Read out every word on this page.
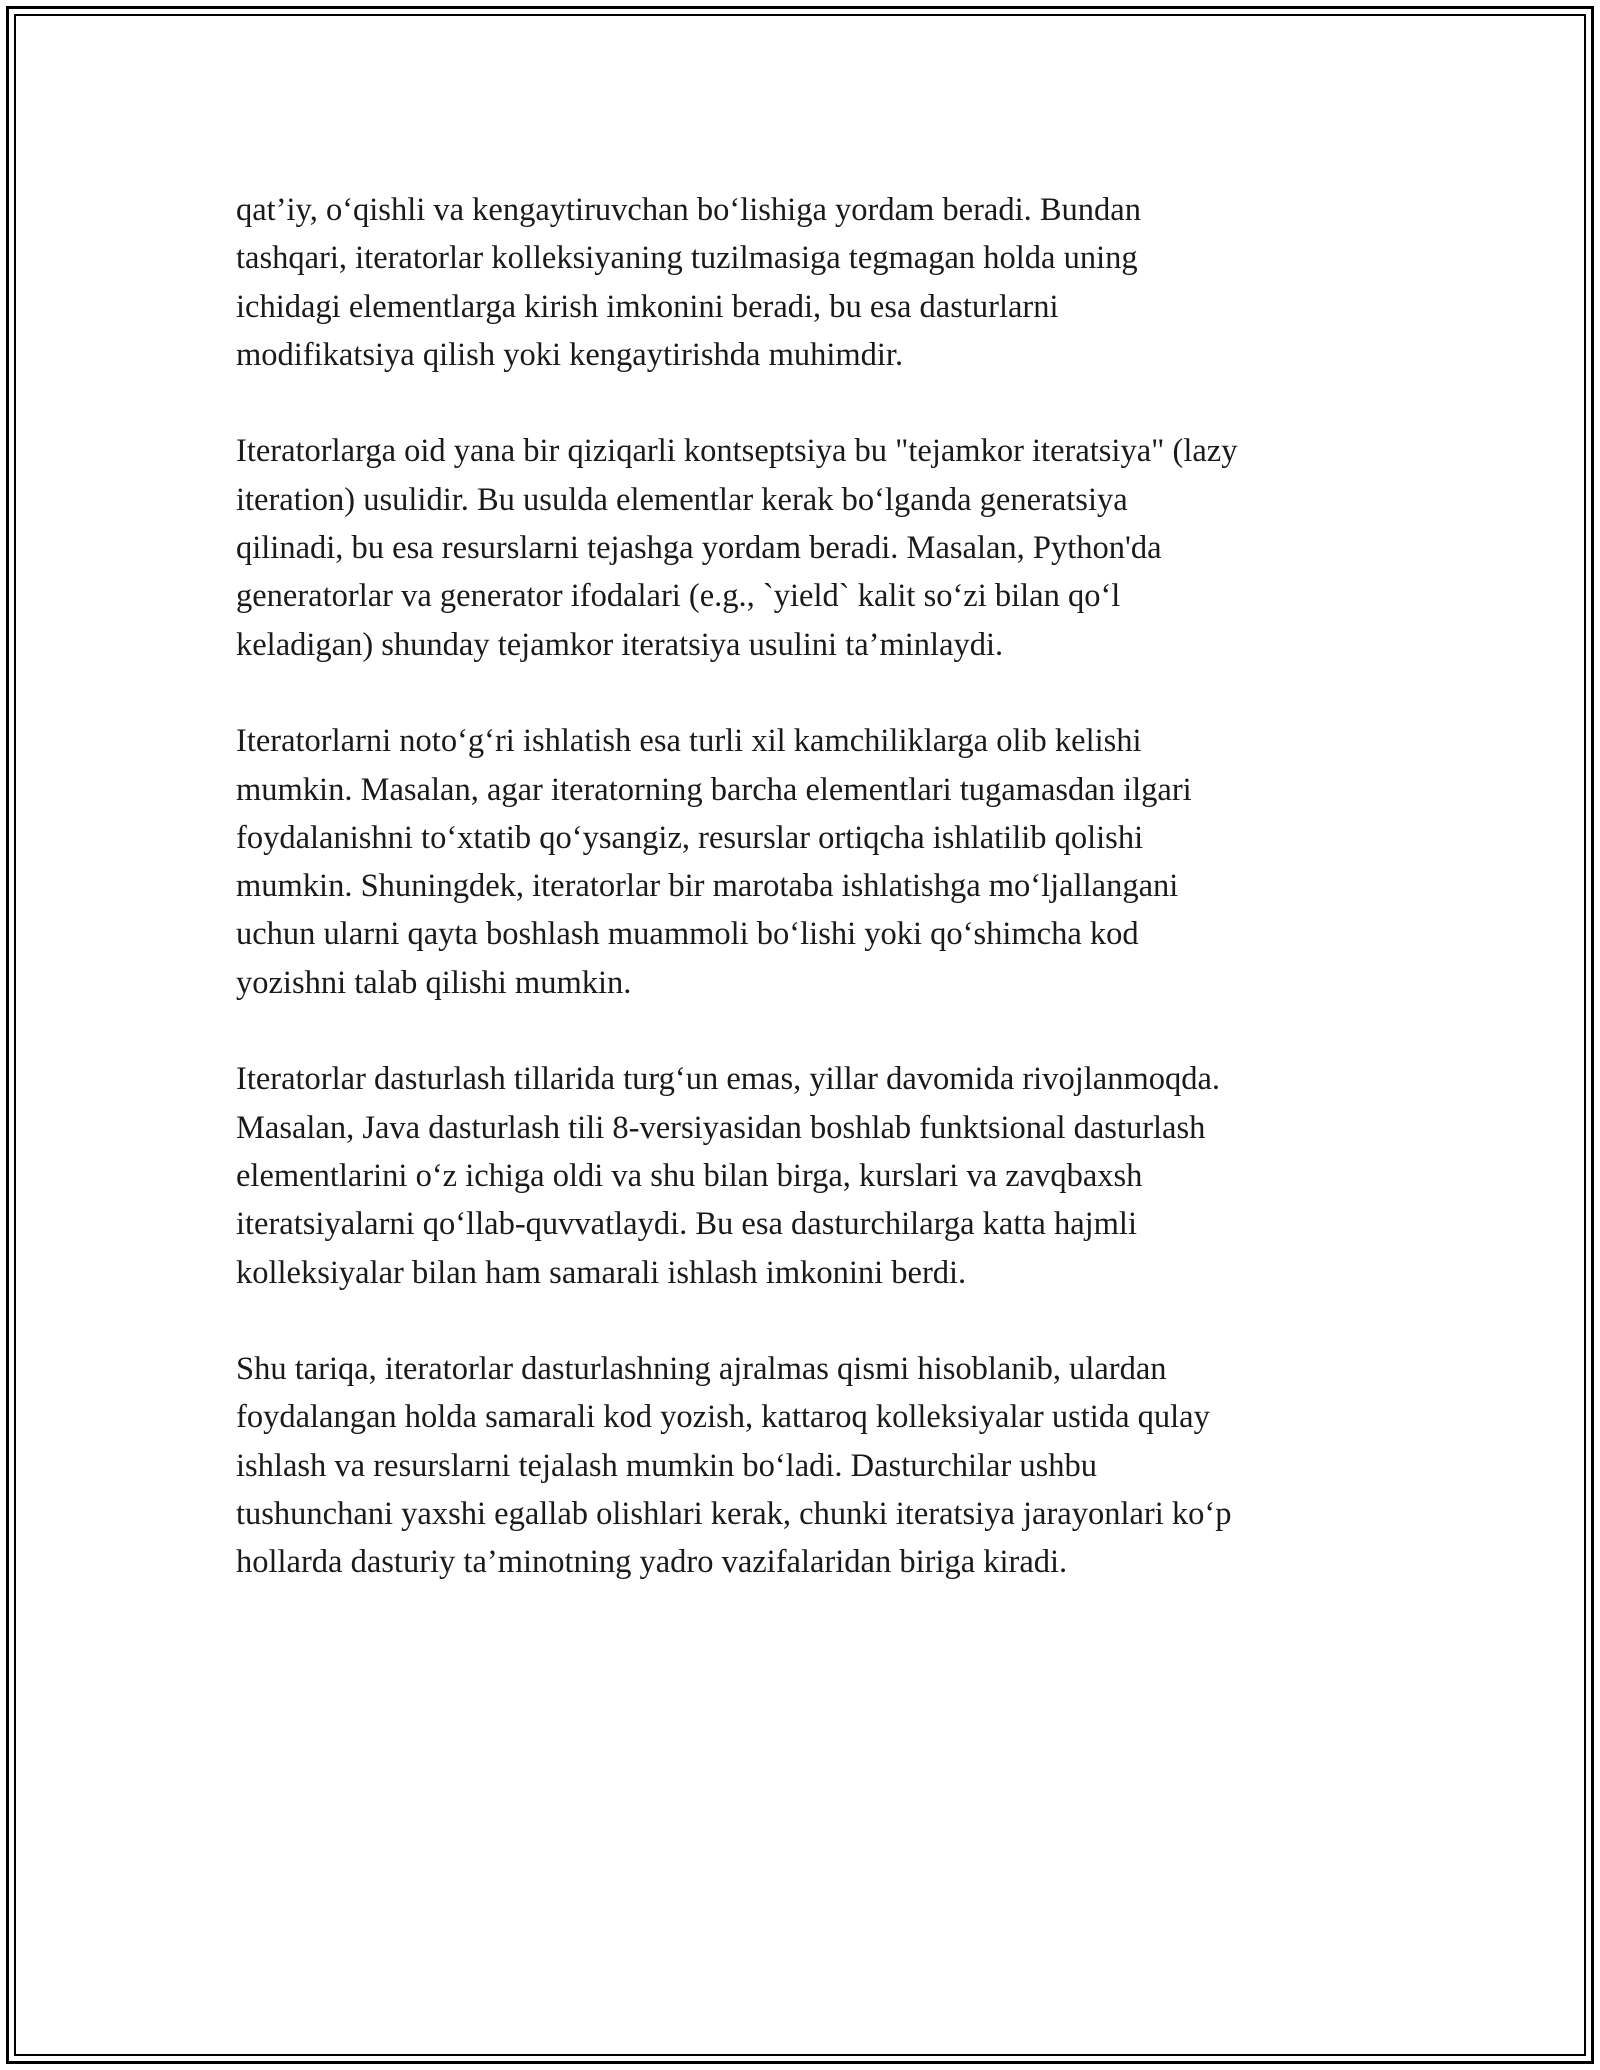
qat’iy, o‘qishli va kengaytiruvchan bo‘lishiga yordam beradi. Bundan
tashqari, iteratorlar kolleksiyaning tuzilmasiga tegmagan holda uning
ichidagi elementlarga kirish imkonini beradi, bu esa dasturlarni
modifikatsiya qilish yoki kengaytirishda muhimdir.

Iteratorlarga oid yana bir qiziqarli kontseptsiya bu "tejamkor iteratsiya" (lazy
iteration) usulidir. Bu usulda elementlar kerak bo‘lganda generatsiya
qilinadi, bu esa resurslarni tejashga yordam beradi. Masalan, Python'da
generatorlar va generator ifodalari (e.g., `yield` kalit so‘zi bilan qo‘l
keladigan) shunday tejamkor iteratsiya usulini ta’minlaydi.

Iteratorlarni noto‘g‘ri ishlatish esa turli xil kamchiliklarga olib kelishi
mumkin. Masalan, agar iteratorning barcha elementlari tugamasdan ilgari
foydalanishni to‘xtatib qo‘ysangiz, resurslar ortiqcha ishlatilib qolishi
mumkin. Shuningdek, iteratorlar bir marotaba ishlatishga mo‘ljallangani
uchun ularni qayta boshlash muammoli bo‘lishi yoki qo‘shimcha kod
yozishni talab qilishi mumkin.

Iteratorlar dasturlash tillarida turg‘un emas, yillar davomida rivojlanmoqda.
Masalan, Java dasturlash tili 8-versiyasidan boshlab funktsional dasturlash
elementlarini o‘z ichiga oldi va shu bilan birga, kurslari va zavqbaxsh
iteratsiyalarni qo‘llab-quvvatlaydi. Bu esa dasturchilarga katta hajmli
kolleksiyalar bilan ham samarali ishlash imkonini berdi.

Shu tariqa, iteratorlar dasturlashning ajralmas qismi hisoblanib, ulardan
foydalangan holda samarali kod yozish, kattaroq kolleksiyalar ustida qulay
ishlash va resurslarni tejalash mumkin bo‘ladi. Dasturchilar ushbu
tushunchani yaxshi egallab olishlari kerak, chunki iteratsiya jarayonlari ko‘p
hollarda dasturiy ta’minotning yadro vazifalaridan biriga kiradi.
